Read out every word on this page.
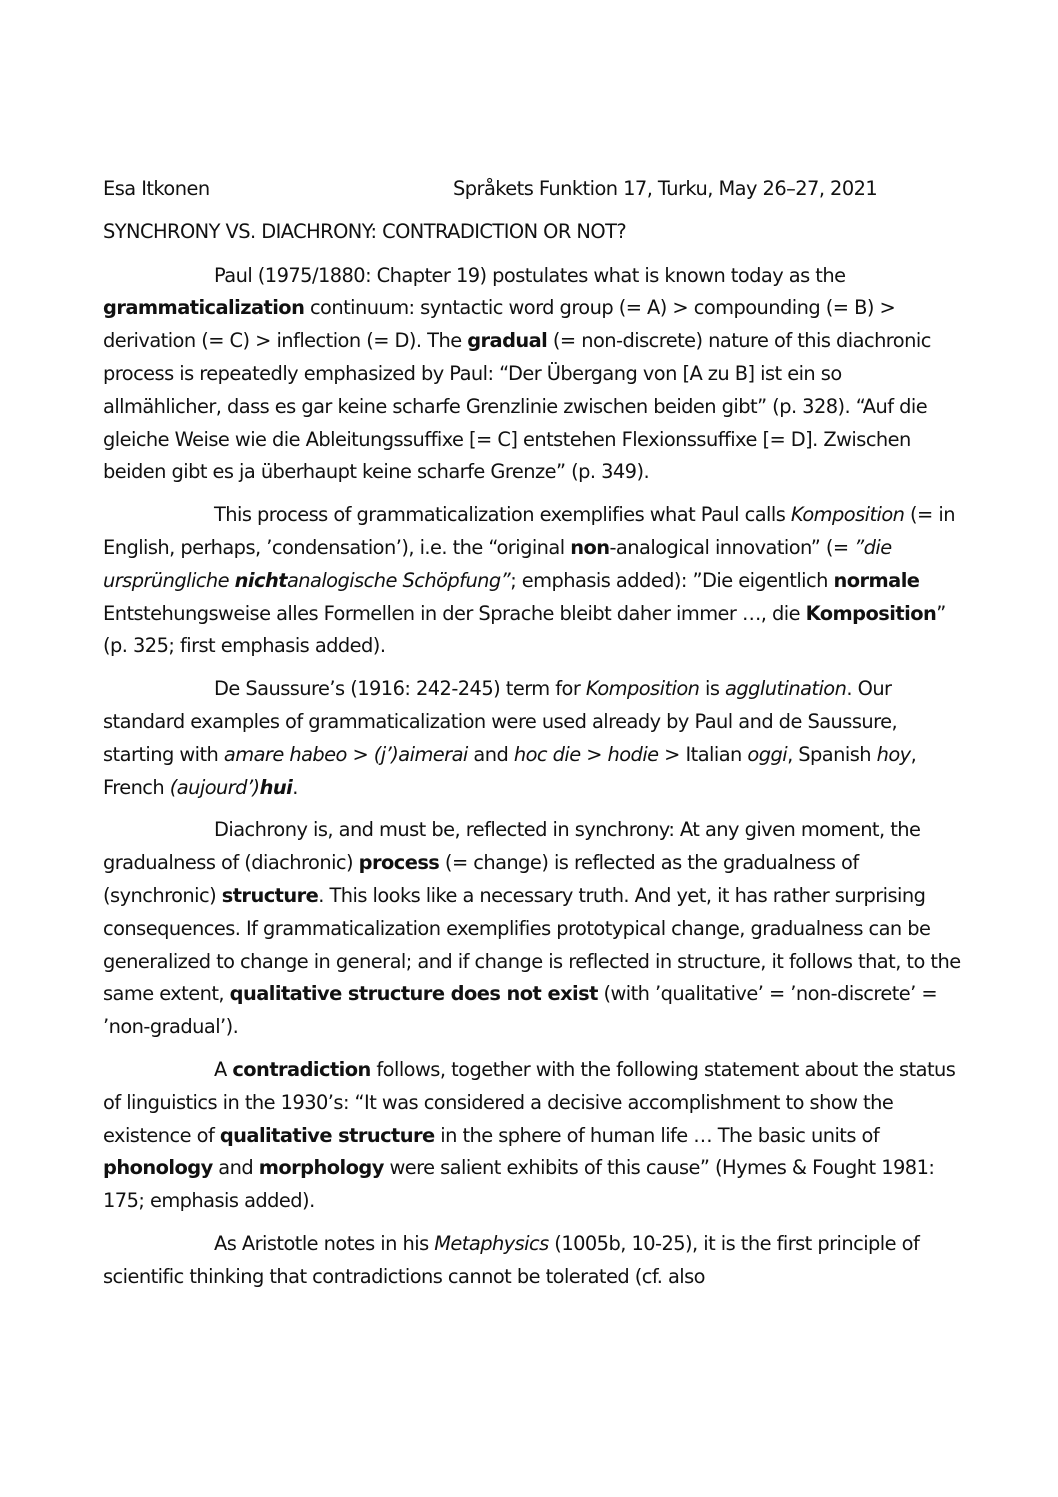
Esa Itkonen	Språkets Funktion 17, Turku, May 26–27, 2021
SYNCHRONY VS. DIACHRONY: CONTRADICTION OR NOT?

Paul (1975/1880: Chapter 19) postulates what is known today as the grammaticalization continuum: syntactic word group (= A) > compounding (= B) > derivation (= C) > inflection (= D). The gradual (= non-discrete) nature of this diachronic process is repeatedly emphasized by Paul: “Der Übergang von [A zu B] ist ein so allmählicher, dass es gar keine scharfe Grenzlinie zwischen beiden gibt” (p. 328). “Auf die gleiche Weise wie die Ableitungssuffixe [= C] entstehen Flexionssuffixe [= D]. Zwischen beiden gibt es ja überhaupt keine scharfe Grenze” (p. 349).

This process of grammaticalization exemplifies what Paul calls Komposition (= in English, perhaps, ’condensation’), i.e. the “original non-analogical innovation” (= ”die ursprüngliche nichtanalogische Schöpfung”; emphasis added): ”Die eigentlich normale Entstehungsweise alles Formellen in der Sprache bleibt daher immer …, die Komposition” (p. 325; first emphasis added).

De Saussure’s (1916: 242-245) term for Komposition is agglutination. Our standard examples of grammaticalization were used already by Paul and de Saussure, starting with amare habeo > (j’)aimerai and hoc die > hodie > Italian oggi, Spanish hoy, French (aujourd’)hui.

Diachrony is, and must be, reflected in synchrony: At any given moment, the gradualness of (diachronic) process (= change) is reflected as the gradualness of (synchronic) structure. This looks like a necessary truth. And yet, it has rather surprising consequences. If grammaticalization exemplifies prototypical change, gradualness can be generalized to change in general; and if change is reflected in structure, it follows that, to the same extent, qualitative structure does not exist (with ’qualitative’ = ’non-discrete’ = ’non-gradual’).

A contradiction follows, together with the following statement about the status of linguistics in the 1930’s: “It was considered a decisive accomplishment to show the existence of qualitative structure in the sphere of human life … The basic units of phonology and morphology were salient exhibits of this cause” (Hymes & Fought 1981: 175; emphasis added).

As Aristotle notes in his Metaphysics (1005b, 10-25), it is the first principle of scientific thinking that contradictions cannot be tolerated (cf. also
